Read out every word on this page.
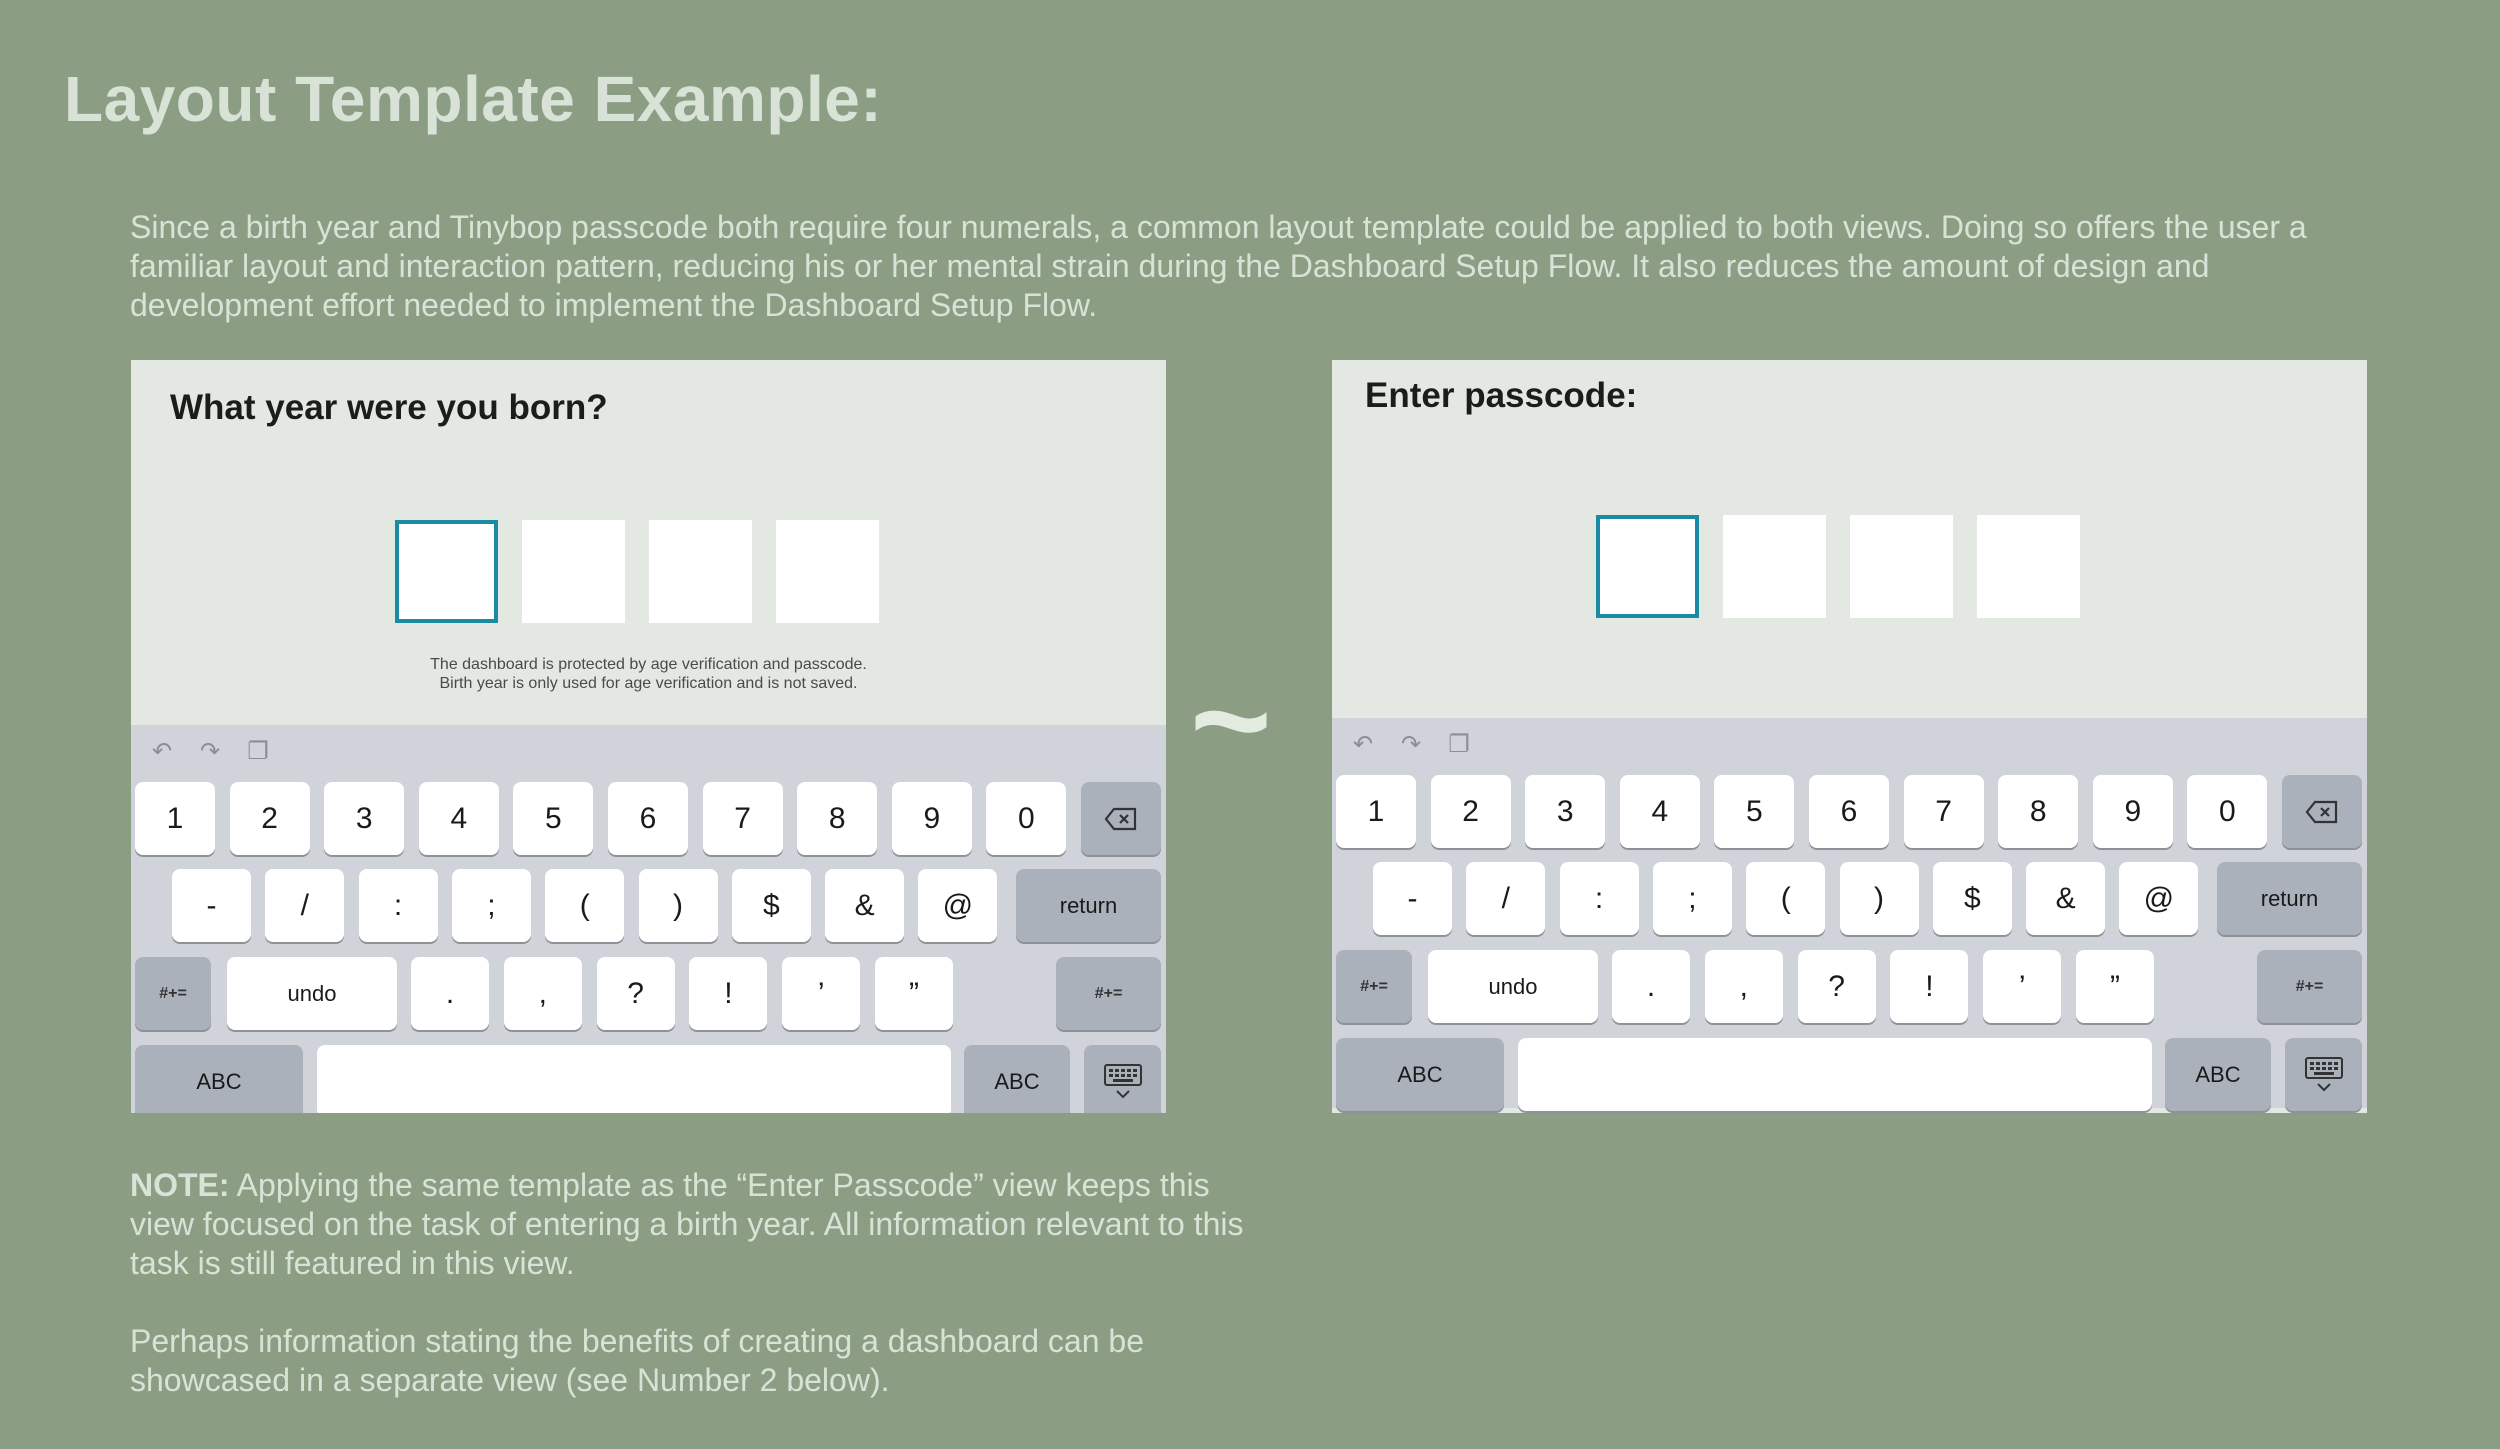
Layout Template Example:
Since a birth year and Tinybop passcode both require four numerals, a common layout template could be applied to both views. Doing so offers the user a familiar layout and interaction pattern, reducing his or her mental strain during the Dashboard Setup Flow. It also reduces the amount of design and development effort needed to implement the Dashboard Setup Flow.
What year were you born?
The dashboard is protected by age verification and passcode.
Birth year is only used for age verification and is not saved.
↶ ↷ ❐
1	2	3	4	5	6	7	8	9	0
-	/	:	;	(	)	$	&	@	return
#+=	undo	.	,	?	!	’	”	#+=
ABC	ABC
~
Enter passcode:
↶ ↷ ❐
1	2	3	4	5	6	7	8	9	0
-	/	:	;	(	)	$	&	@	return
#+=	undo	.	,	?	!	’	”	#+=
ABC	ABC
NOTE: Applying the same template as the “Enter Passcode” view keeps this view focused on the task of entering a birth year. All information relevant to this task is still featured in this view.
Perhaps information stating the benefits of creating a dashboard can be showcased in a separate view (see Number 2 below).
